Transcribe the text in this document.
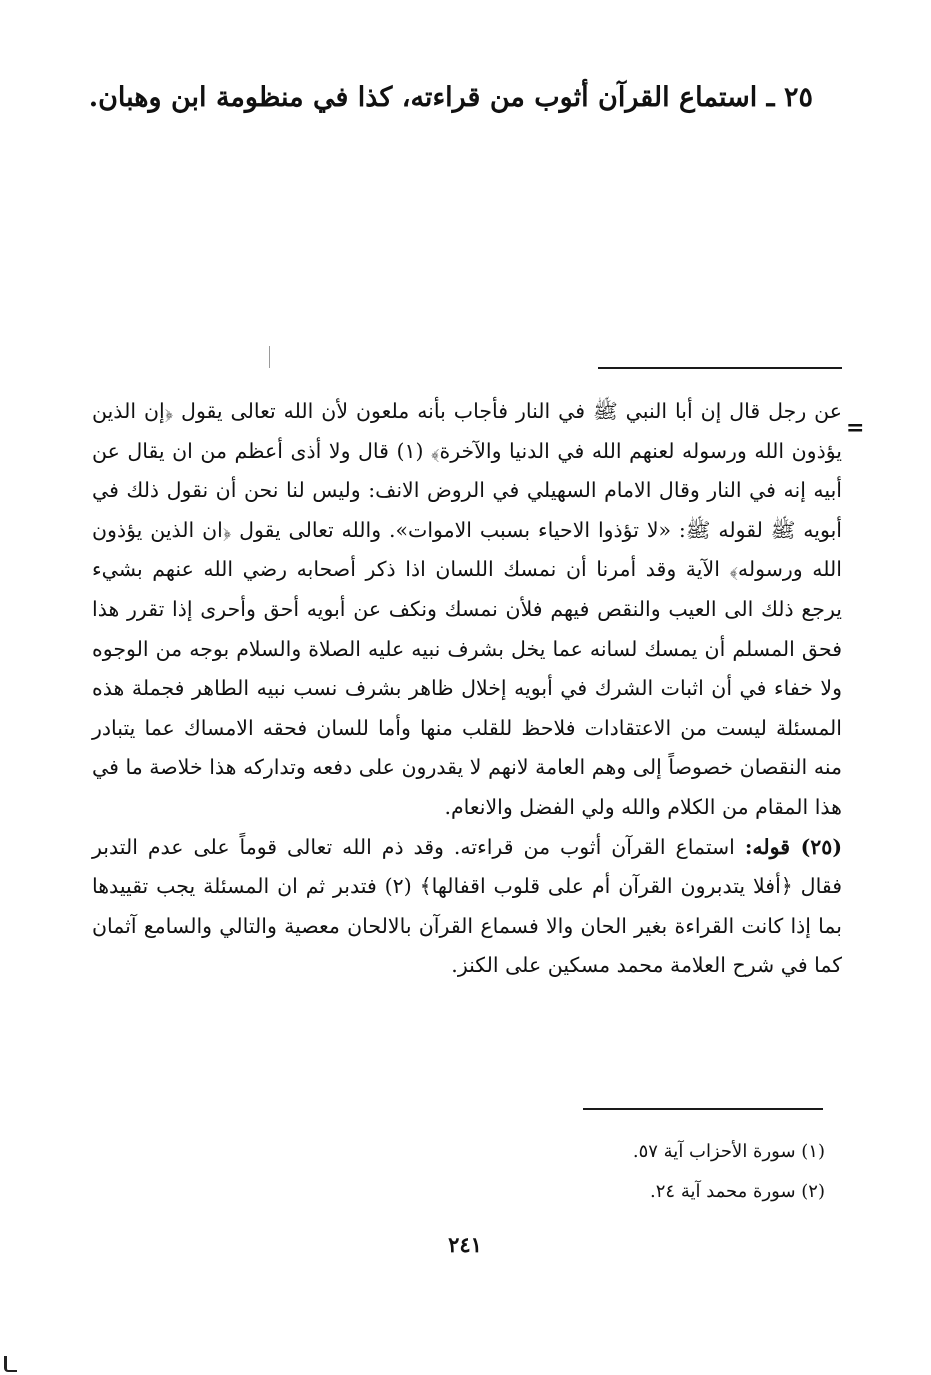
٢٥ ـ استماع القرآن أثوب من قراءته، كذا في منظومة ابن وهبان.
=

عن رجل قال إن أبا النبي ﷺ في النار فأجاب بأنه ملعون لأن الله تعالى يقول ﴿إن الذين يؤذون الله ورسوله لعنهم الله في الدنيا والآخرة﴾ (١) قال ولا أذى أعظم من ان يقال عن أبيه إنه في النار وقال الامام السهيلي في الروض الانف: وليس لنا نحن أن نقول ذلك في أبويه ﷺ لقوله ﷺ: «لا تؤذوا الاحياء بسبب الاموات». والله تعالى يقول ﴿ان الذين يؤذون الله ورسوله﴾ الآية وقد أمرنا أن نمسك اللسان اذا ذكر أصحابه رضي الله عنهم بشيء يرجع ذلك الى العيب والنقص فيهم فلأن نمسك ونكف عن أبويه أحق وأحرى إذا تقرر هذا فحق المسلم أن يمسك لسانه عما يخل بشرف نبيه عليه الصلاة والسلام بوجه من الوجوه ولا خفاء في أن اثبات الشرك في أبويه إخلال ظاهر بشرف نسب نبيه الطاهر فجملة هذه المسئلة ليست من الاعتقادات فلاحظ للقلب منها وأما للسان فحقه الامساك عما يتبادر منه النقصان خصوصاً إلى وهم العامة لانهم لا يقدرون على دفعه وتداركه هذا خلاصة ما في هذا المقام من الكلام والله ولي الفضل والانعام.

(٢٥) قوله: استماع القرآن أثوب من قراءته. وقد ذم الله تعالى قوماً على عدم التدبر فقال ﴿أفلا يتدبرون القرآن أم على قلوب اقفالها﴾ (٢) فتدبر ثم ان المسئلة يجب تقييدها بما إذا كانت القراءة بغير الحان والا فسماع القرآن بالالحان معصية والتالي والسامع آثمان كما في شرح العلامة محمد مسكين على الكنز.

(١) سورة الأحزاب آية ٥٧.
(٢) سورة محمد آية ٢٤.
٢٤١
